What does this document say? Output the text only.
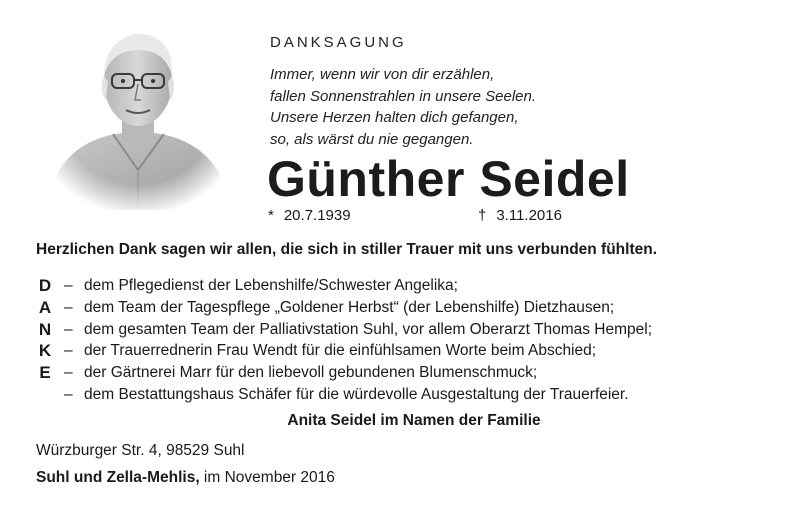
DANKSAGUNG
Immer, wenn wir von dir erzählen,
fallen Sonnenstrahlen in unsere Seelen.
Unsere Herzen halten dich gefangen,
so, als wärst du nie gegangen.
Günther Seidel
* 20.7.1939	† 3.11.2016
Herzlichen Dank sagen wir allen, die sich in stiller Trauer mit uns verbunden fühlten.
D
A
N
K
E
– dem Pflegedienst der Lebenshilfe/Schwester Angelika;
– dem Team der Tagespflege „Goldener Herbst“ (der Lebenshilfe) Dietzhausen;
– dem gesamten Team der Palliativstation Suhl, vor allem Oberarzt Thomas Hempel;
– der Trauerrednerin Frau Wendt für die einfühlsamen Worte beim Abschied;
– der Gärtnerei Marr für den liebevoll gebundenen Blumenschmuck;
– dem Bestattungshaus Schäfer für die würdevolle Ausgestaltung der Trauerfeier.
Anita Seidel im Namen der Familie
Würzburger Str. 4, 98529 Suhl
Suhl und Zella-Mehlis, im November 2016
